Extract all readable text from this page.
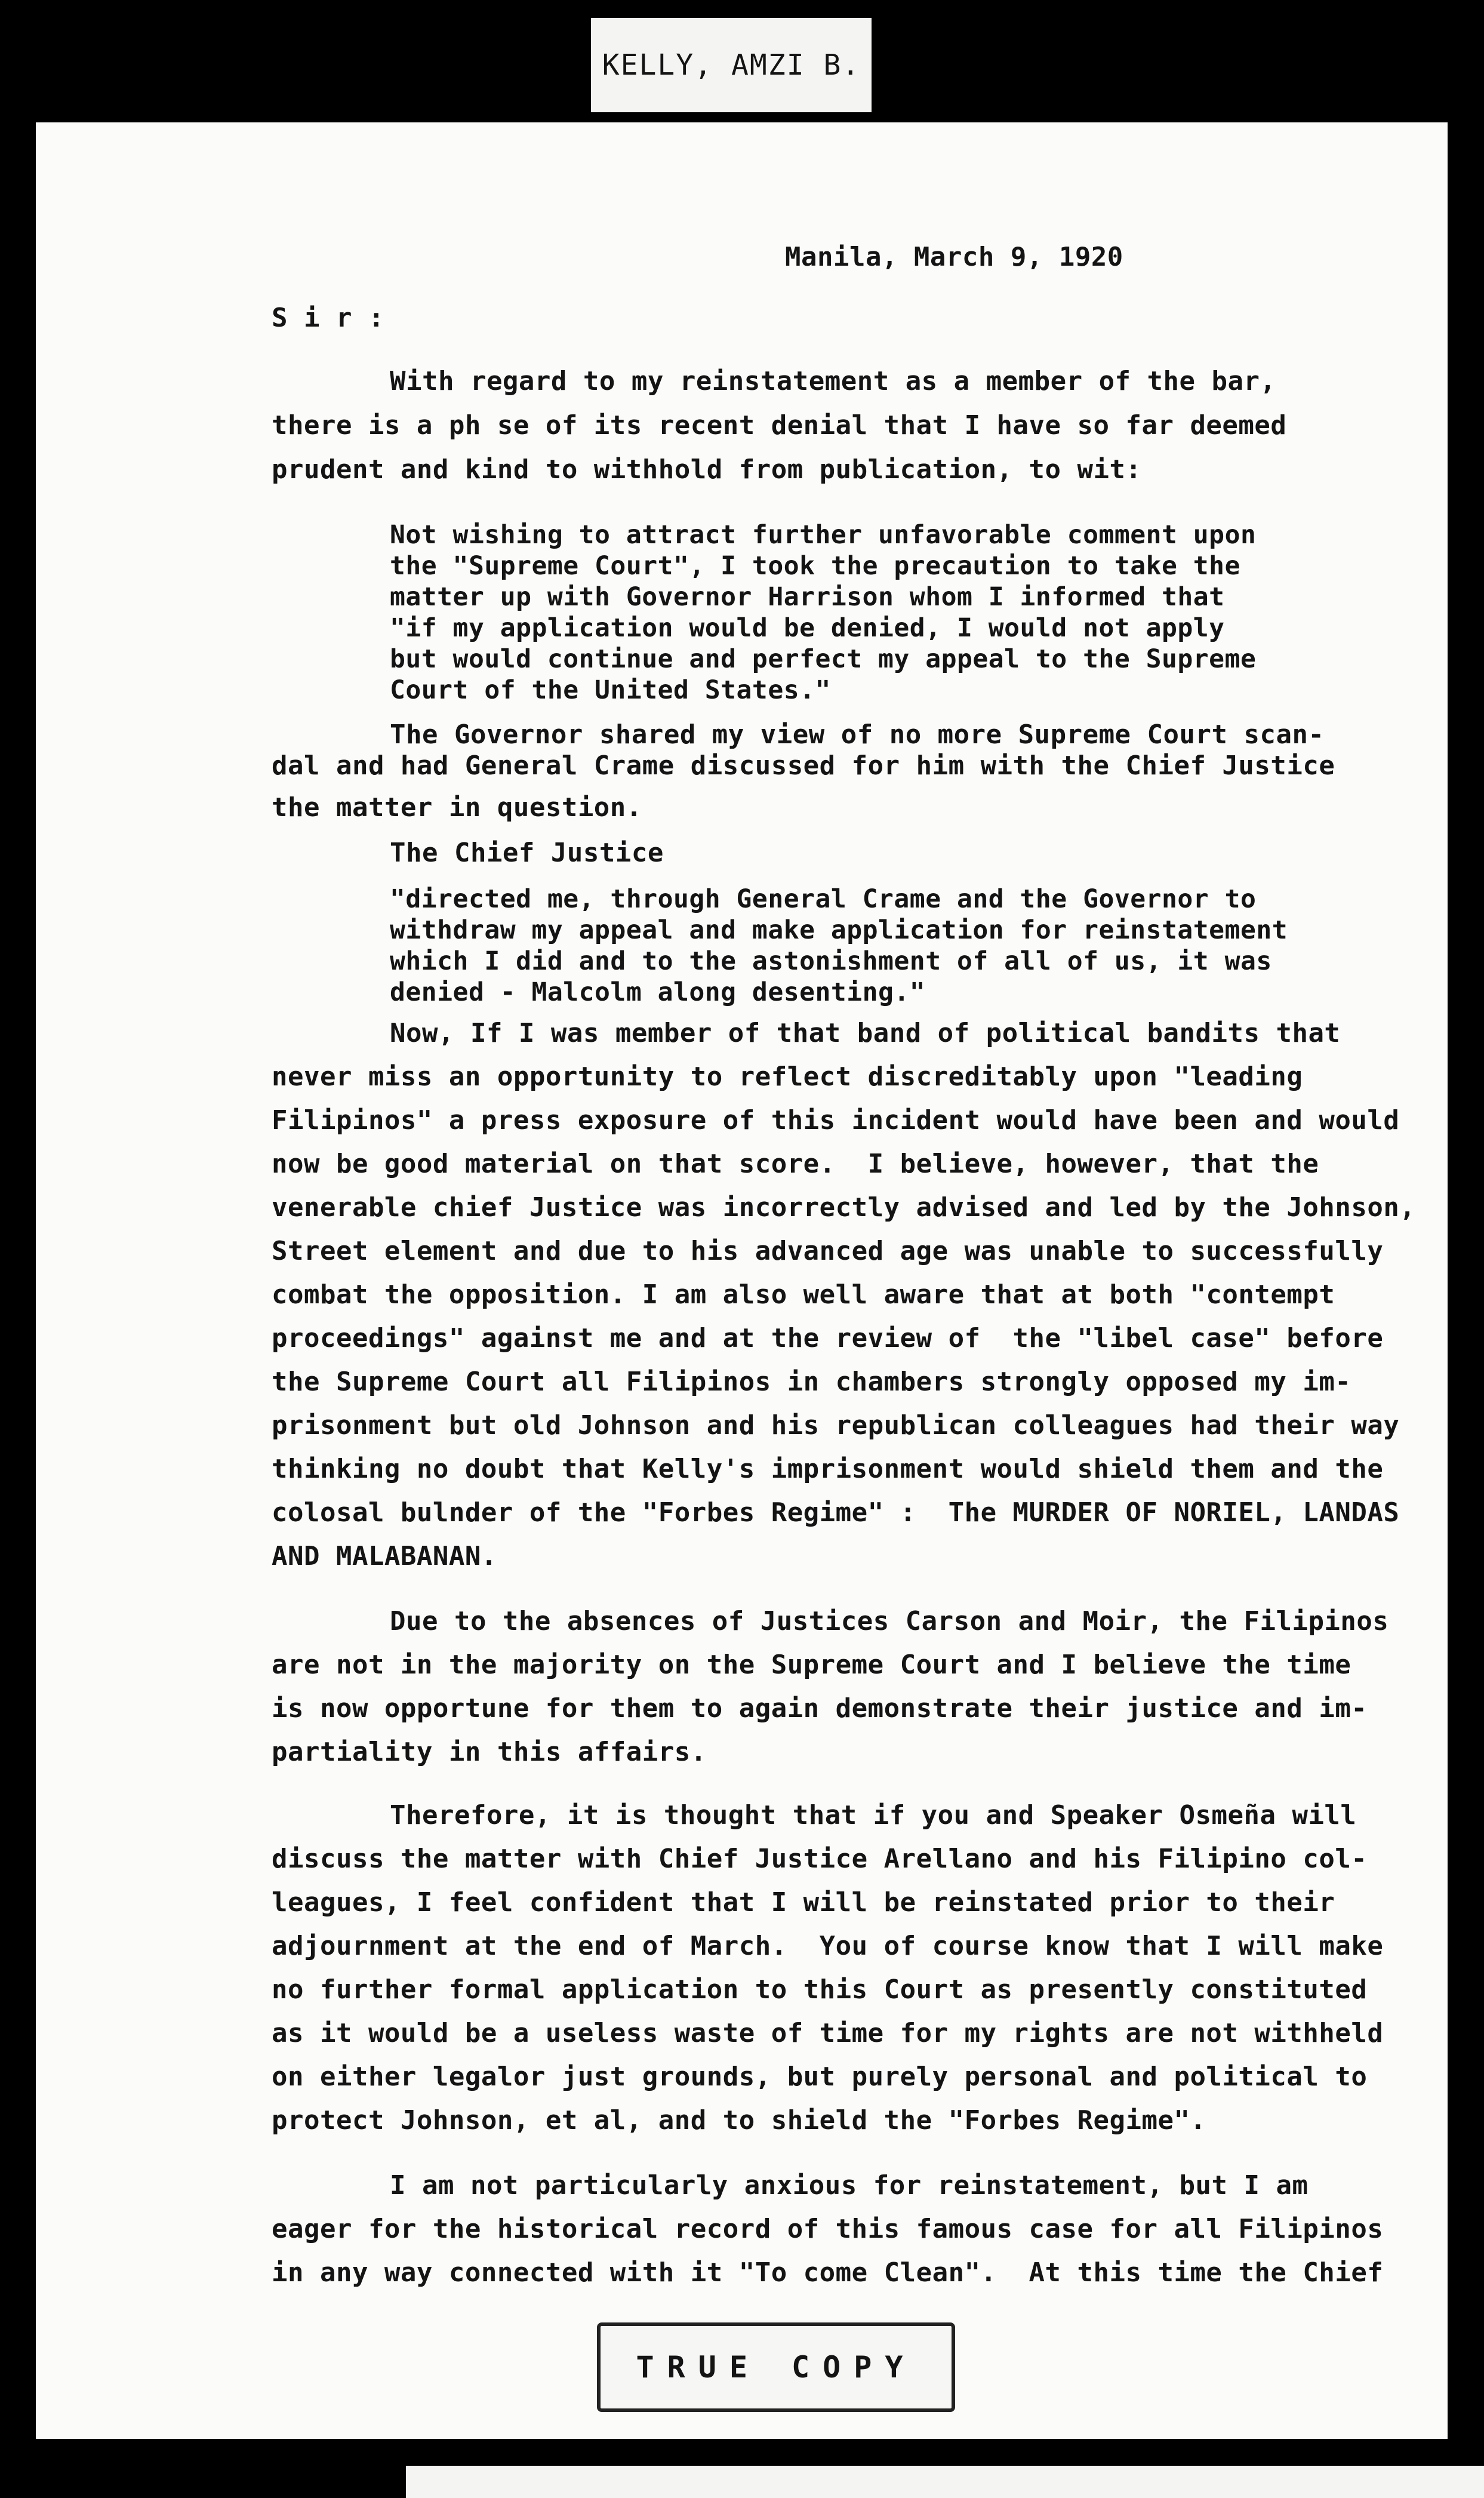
KELLY, AMZI B.
Manila, March 9, 1920
S i r :
With regard to my reinstatement as a member of the bar,
there is a ph se of its recent denial that I have so far deemed
prudent and kind to withhold from publication, to wit:
Not wishing to attract further unfavorable comment upon
the "Supreme Court", I took the precaution to take the
matter up with Governor Harrison whom I informed that
"if my application would be denied, I would not apply
but would continue and perfect my appeal to the Supreme
Court of the United States."
The Governor shared my view of no more Supreme Court scan-
dal and had General Crame discussed for him with the Chief Justice
the matter in question.
The Chief Justice
"directed me, through General Crame and the Governor to
withdraw my appeal and make application for reinstatement
which I did and to the astonishment of all of us, it was
denied - Malcolm along desenting."
Now, If I was member of that band of political bandits that
never miss an opportunity to reflect discreditably upon "leading
Filipinos" a press exposure of this incident would have been and would
now be good material on that score.  I believe, however, that the
venerable chief Justice was incorrectly advised and led by the Johnson,
Street element and due to his advanced age was unable to successfully
combat the opposition. I am also well aware that at both "contempt
proceedings" against me and at the review of  the "libel case" before
the Supreme Court all Filipinos in chambers strongly opposed my im-
prisonment but old Johnson and his republican colleagues had their way
thinking no doubt that Kelly's imprisonment would shield them and the
colosal bulnder of the "Forbes Regime" :  The MURDER OF NORIEL, LANDAS
AND MALABANAN.
Due to the absences of Justices Carson and Moir, the Filipinos
are not in the majority on the Supreme Court and I believe the time
is now opportune for them to again demonstrate their justice and im-
partiality in this affairs.
Therefore, it is thought that if you and Speaker Osmeña will
discuss the matter with Chief Justice Arellano and his Filipino col-
leagues, I feel confident that I will be reinstated prior to their
adjournment at the end of March.  You of course know that I will make
no further formal application to this Court as presently constituted
as it would be a useless waste of time for my rights are not withheld
on either legalor just grounds, but purely personal and political to
protect Johnson, et al, and to shield the "Forbes Regime".
I am not particularly anxious for reinstatement, but I am
eager for the historical record of this famous case for all Filipinos
in any way connected with it "To come Clean".  At this time the Chief
TRUE COPY
